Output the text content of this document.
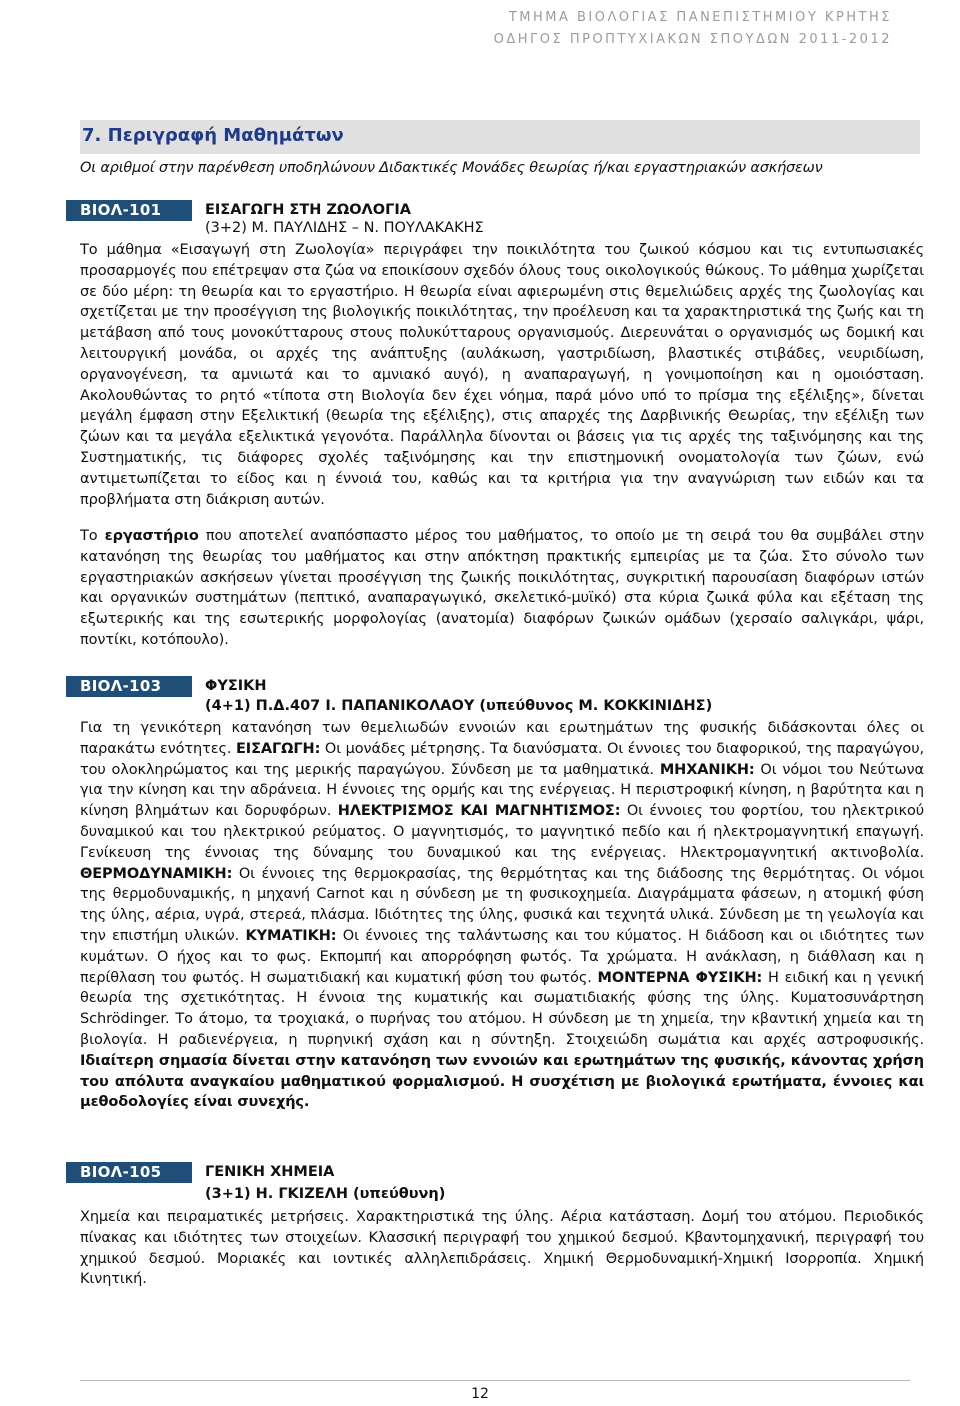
ΤΜΗΜΑ ΒΙΟΛΟΓΙΑΣ ΠΑΝΕΠΙΣΤΗΜΙΟΥ ΚΡΗΤΗΣ
ΟΔΗΓΟΣ ΠΡΟΠΤΥΧΙΑΚΩΝ ΣΠΟΥΔΩΝ 2011-2012
7. Περιγραφή Μαθημάτων
Οι αριθμοί στην παρένθεση υποδηλώνουν Διδακτικές Μονάδες θεωρίας ή/και εργαστηριακών ασκήσεων
ΒΙΟΛ-101	ΕΙΣΑΓΩΓΗ ΣΤΗ ΖΩΟΛΟΓΙΑ
(3+2) Μ. ΠΑΥΛΙΔΗΣ – Ν. ΠΟΥΛΑΚΑΚΗΣ
Το μάθημα «Εισαγωγή στη Ζωολογία» περιγράφει την ποικιλότητα του ζωικού κόσμου και τις εντυπωσιακές προσαρμογές που επέτρεψαν στα ζώα να εποικίσουν σχεδόν όλους τους οικολογικούς θώκους. Το μάθημα χωρίζεται σε δύο μέρη: τη θεωρία και το εργαστήριο. Η θεωρία είναι αφιερωμένη στις θεμελιώδεις αρχές της ζωολογίας και σχετίζεται με την προσέγγιση της βιολογικής ποικιλότητας, την προέλευση και τα χαρακτηριστικά της ζωής και τη μετάβαση από τους μονοκύτταρους στους πολυκύτταρους οργανισμούς. Διερευνάται ο οργανισμός ως δομική και λειτουργική μονάδα, οι αρχές της ανάπτυξης (αυλάκωση, γαστριδίωση, βλαστικές στιβάδες, νευριδίωση, οργανογένεση, τα αμνιωτά και το αμνιακό αυγό), η αναπαραγωγή, η γονιμοποίηση και η ομοιόσταση. Ακολουθώντας το ρητό «τίποτα στη Βιολογία δεν έχει νόημα, παρά μόνο υπό το πρίσμα της εξέλιξης», δίνεται μεγάλη έμφαση στην Εξελικτική (θεωρία της εξέλιξης), στις απαρχές της Δαρβινικής Θεωρίας, την εξέλιξη των ζώων και τα μεγάλα εξελικτικά γεγονότα. Παράλληλα δίνονται οι βάσεις για τις αρχές της ταξινόμησης και της Συστηματικής, τις διάφορες σχολές ταξινόμησης και την επιστημονική ονοματολογία των ζώων, ενώ αντιμετωπίζεται το είδος και η έννοιά του, καθώς και τα κριτήρια για την αναγνώριση των ειδών και τα προβλήματα στη διάκριση αυτών.
Το εργαστήριο που αποτελεί αναπόσπαστο μέρος του μαθήματος, το οποίο με τη σειρά του θα συμβάλει στην κατανόηση της θεωρίας του μαθήματος και στην απόκτηση πρακτικής εμπειρίας με τα ζώα. Στο σύνολο των εργαστηριακών ασκήσεων γίνεται προσέγγιση της ζωικής ποικιλότητας, συγκριτική παρουσίαση διαφόρων ιστών και οργανικών συστημάτων (πεπτικό, αναπαραγωγικό, σκελετικό-μυϊκό) στα κύρια ζωικά φύλα και εξέταση της εξωτερικής και της εσωτερικής μορφολογίας (ανατομία) διαφόρων ζωικών ομάδων (χερσαίο σαλιγκάρι, ψάρι, ποντίκι, κοτόπουλο).
ΒΙΟΛ-103	ΦΥΣΙΚΗ
(4+1) Π.Δ.407 Ι. ΠΑΠΑΝΙΚΟΛΑΟΥ (υπεύθυνος Μ. ΚΟΚΚΙΝΙΔΗΣ)
Για τη γενικότερη κατανόηση των θεμελιωδών εννοιών και ερωτημάτων της φυσικής διδάσκονται όλες οι παρακάτω ενότητες. ΕΙΣΑΓΩΓΗ: Οι μονάδες μέτρησης. Τα διανύσματα. Οι έννοιες του διαφορικού, της παραγώγου, του ολοκληρώματος και της μερικής παραγώγου. Σύνδεση με τα μαθηματικά. ΜΗΧΑΝΙΚΗ: Οι νόμοι του Νεύτωνα για την κίνηση και την αδράνεια. Η έννοιες της ορμής και της ενέργειας. Η περιστροφική κίνηση, η βαρύτητα και η κίνηση βλημάτων και δορυφόρων. ΗΛΕΚΤΡΙΣΜΟΣ ΚΑΙ ΜΑΓΝΗΤΙΣΜΟΣ: Οι έννοιες του φορτίου, του ηλεκτρικού δυναμικού και του ηλεκτρικού ρεύματος. Ο μαγνητισμός, το μαγνητικό πεδίο και ή ηλεκτρομαγνητική επαγωγή. Γενίκευση της έννοιας της δύναμης του δυναμικού και της ενέργειας. Ηλεκτρομαγνητική ακτινοβολία. ΘΕΡΜΟΔΥΝΑΜΙΚΗ: Οι έννοιες της θερμοκρασίας, της θερμότητας και της διάδοσης της θερμότητας. Οι νόμοι της θερμοδυναμικής, η μηχανή Carnot και η σύνδεση με τη φυσικοχημεία. Διαγράμματα φάσεων, η ατομική φύση της ύλης, αέρια, υγρά, στερεά, πλάσμα. Ιδιότητες της ύλης, φυσικά και τεχνητά υλικά. Σύνδεση με τη γεωλογία και την επιστήμη υλικών. ΚΥΜΑΤΙΚΗ: Οι έννοιες της ταλάντωσης και του κύματος. Η διάδοση και οι ιδιότητες των κυμάτων. Ο ήχος και το φως. Εκπομπή και απορρόφηση φωτός. Τα χρώματα. Η ανάκλαση, η διάθλαση και η περίθλαση του φωτός. Η σωματιδιακή και κυματική φύση του φωτός. ΜΟΝΤΕΡΝΑ ΦΥΣΙΚΗ: Η ειδική και η γενική θεωρία της σχετικότητας. Η έννοια της κυματικής και σωματιδιακής φύσης της ύλης. Κυματοσυνάρτηση Schrödinger. Το άτομο, τα τροχιακά, ο πυρήνας του ατόμου. Η σύνδεση με τη χημεία, την κβαντική χημεία και τη βιολογία. Η ραδιενέργεια, η πυρηνική σχάση και η σύντηξη. Στοιχειώδη σωμάτια και αρχές αστροφυσικής. Ιδιαίτερη σημασία δίνεται στην κατανόηση των εννοιών και ερωτημάτων της φυσικής, κάνοντας χρήση του απόλυτα αναγκαίου μαθηματικού φορμαλισμού. Η συσχέτιση με βιολογικά ερωτήματα, έννοιες και μεθοδολογίες είναι συνεχής.
ΒΙΟΛ-105	ΓΕΝΙΚΗ ΧΗΜΕΙΑ
(3+1) Η. ΓΚΙΖΕΛΗ (υπεύθυνη)
Χημεία και πειραματικές μετρήσεις. Χαρακτηριστικά της ύλης. Αέρια κατάσταση. Δομή του ατόμου. Περιοδικός πίνακας και ιδιότητες των στοιχείων. Κλασσική περιγραφή του χημικού δεσμού. Κβαντομηχανική, περιγραφή του χημικού δεσμού. Μοριακές και ιοντικές αλληλεπιδράσεις. Χημική Θερμοδυναμική-Χημική Ισορροπία. Χημική Κινητική.
12
